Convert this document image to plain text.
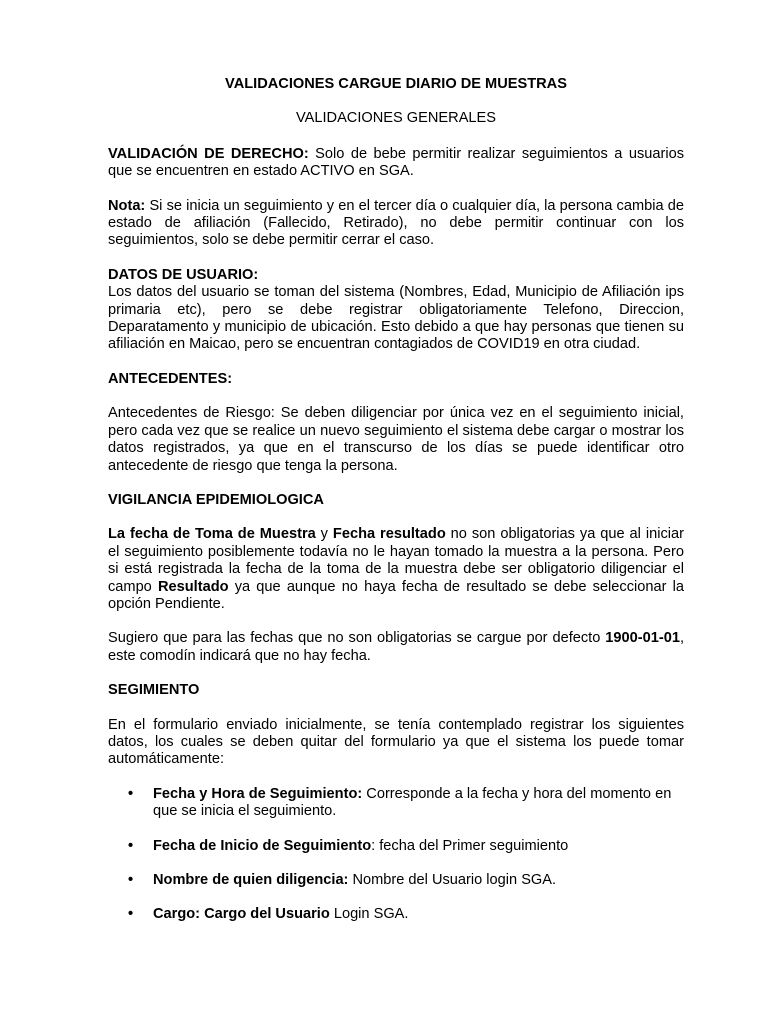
VALIDACIONES CARGUE DIARIO DE MUESTRAS

VALIDACIONES GENERALES

VALIDACIÓN DE DERECHO: Solo de bebe permitir realizar seguimientos a usuarios que se encuentren en estado ACTIVO en SGA.

Nota: Si se inicia un seguimiento y en el tercer día o cualquier día, la persona cambia de estado de afiliación (Fallecido, Retirado), no debe permitir continuar con los seguimientos, solo se debe permitir cerrar el caso.

DATOS DE USUARIO:

Los datos del usuario se toman del sistema (Nombres, Edad, Municipio de Afiliación ips primaria etc), pero se debe registrar obligatoriamente Telefono, Direccion, Deparatamento y municipio de ubicación. Esto debido a que hay personas que tienen su afiliación en Maicao, pero se encuentran contagiados de COVID19 en otra ciudad.

ANTECEDENTES:

Antecedentes de Riesgo: Se deben diligenciar por única vez en el seguimiento inicial, pero cada vez que se realice un nuevo seguimiento el sistema debe cargar o mostrar los datos registrados, ya que en el transcurso de los días se puede identificar otro antecedente de riesgo que tenga la persona.

VIGILANCIA EPIDEMIOLOGICA

La fecha de Toma de Muestra y Fecha resultado no son obligatorias ya que al iniciar el seguimiento posiblemente todavía no le hayan tomado la muestra a la persona. Pero si está registrada la fecha de la toma de la muestra debe ser obligatorio diligenciar el campo Resultado ya que aunque no haya fecha de resultado se debe seleccionar la opción Pendiente.

Sugiero que para las fechas que no son obligatorias se cargue por defecto 1900-01-01, este comodín indicará que no hay fecha.

SEGIMIENTO

En el formulario enviado inicialmente, se tenía contemplado registrar los siguientes datos, los cuales se deben quitar del formulario ya que el sistema los puede tomar automáticamente:

• Fecha y Hora de Seguimiento: Corresponde a la fecha y hora del momento en que se inicia el seguimiento.
• Fecha de Inicio de Seguimiento: fecha del Primer seguimiento
• Nombre de quien diligencia: Nombre del Usuario login SGA.
• Cargo: Cargo del Usuario Login SGA.
